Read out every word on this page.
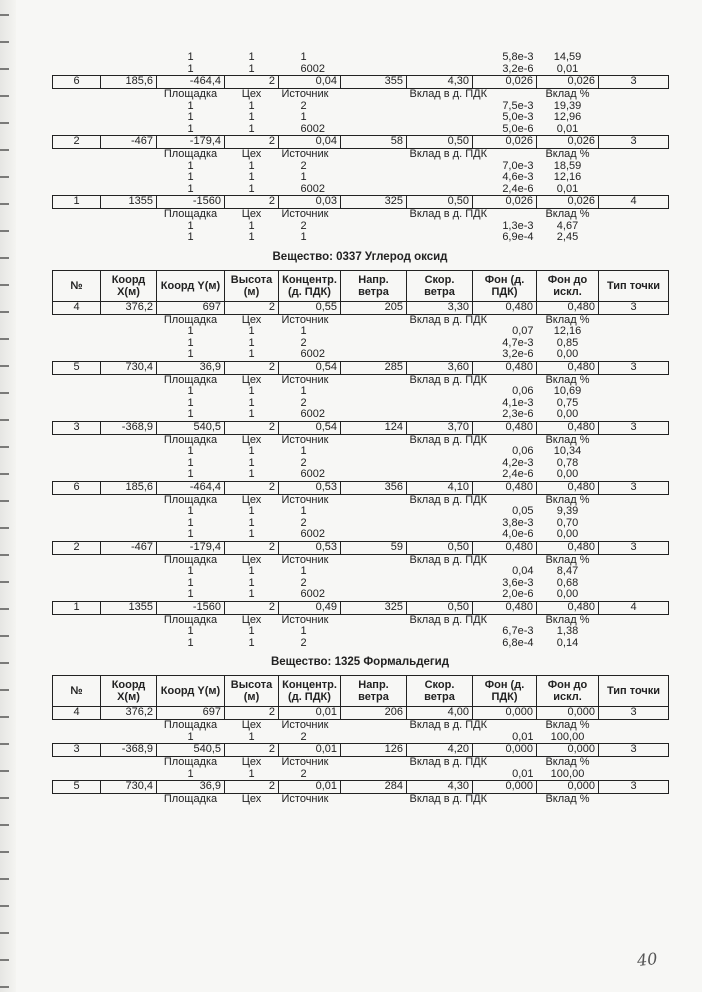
		1	1	1		5,8e-3		14,59	
		1	1	6002		3,2e-6		0,01	
6	185,6	-464,4	2	0,04	355	4,30	0,026	0,026	3
		Площадка	Цех	Источник		Вклад в д. ПДК		Вклад %	
		1	1	2		7,5e-3		19,39	
		1	1	1		5,0e-3		12,96	
		1	1	6002		5,0e-6		0,01	
2	-467	-179,4	2	0,04	58	0,50	0,026	0,026	3
		Площадка	Цех	Источник		Вклад в д. ПДК		Вклад %	
		1	1	2		7,0e-3		18,59	
		1	1	1		4,6e-3		12,16	
		1	1	6002		2,4e-6		0,01	
1	1355	-1560	2	0,03	325	0,50	0,026	0,026	4
		Площадка	Цех	Источник		Вклад в д. ПДК		Вклад %	
		1	1	2		1,3e-3		4,67	
		1	1	1		6,9e-4		2,45	
Вещество: 0337 Углерод оксид
№	Коорд X(м)	Коорд Y(м)	Высота (м)	Концентр. (д. ПДК)	Напр. ветра	Скор. ветра	Фон (д. ПДК)	Фон до искл.	Тип точки
4	376,2	697	2	0,55	205	3,30	0,480	0,480	3
		Площадка	Цех	Источник		Вклад в д. ПДК		Вклад %	
		1	1	1		0,07		12,16	
		1	1	2		4,7e-3		0,85	
		1	1	6002		3,2e-6		0,00	
5	730,4	36,9	2	0,54	285	3,60	0,480	0,480	3
		Площадка	Цех	Источник		Вклад в д. ПДК		Вклад %	
		1	1	1		0,06		10,69	
		1	1	2		4,1e-3		0,75	
		1	1	6002		2,3e-6		0,00	
3	-368,9	540,5	2	0,54	124	3,70	0,480	0,480	3
		Площадка	Цех	Источник		Вклад в д. ПДК		Вклад %	
		1	1	1		0,06		10,34	
		1	1	2		4,2e-3		0,78	
		1	1	6002		2,4e-6		0,00	
6	185,6	-464,4	2	0,53	356	4,10	0,480	0,480	3
		Площадка	Цех	Источник		Вклад в д. ПДК		Вклад %	
		1	1	1		0,05		9,39	
		1	1	2		3,8e-3		0,70	
		1	1	6002		4,0e-6		0,00	
2	-467	-179,4	2	0,53	59	0,50	0,480	0,480	3
		Площадка	Цех	Источник		Вклад в д. ПДК		Вклад %	
		1	1	1		0,04		8,47	
		1	1	2		3,6e-3		0,68	
		1	1	6002		2,0e-6		0,00	
1	1355	-1560	2	0,49	325	0,50	0,480	0,480	4
		Площадка	Цех	Источник		Вклад в д. ПДК		Вклад %	
		1	1	1		6,7e-3		1,38	
		1	1	2		6,8e-4		0,14	
Вещество: 1325 Формальдегид
№	Коорд X(м)	Коорд Y(м)	Высота (м)	Концентр. (д. ПДК)	Напр. ветра	Скор. ветра	Фон (д. ПДК)	Фон до искл.	Тип точки
4	376,2	697	2	0,01	206	4,00	0,000	0,000	3
		Площадка	Цех	Источник		Вклад в д. ПДК		Вклад %	
		1	1	2		0,01		100,00	
3	-368,9	540,5	2	0,01	126	4,20	0,000	0,000	3
		Площадка	Цех	Источник		Вклад в д. ПДК		Вклад %	
		1	1	2		0,01		100,00	
5	730,4	36,9	2	0,01	284	4,30	0,000	0,000	3
		Площадка	Цех	Источник		Вклад в д. ПДК		Вклад %	
40
